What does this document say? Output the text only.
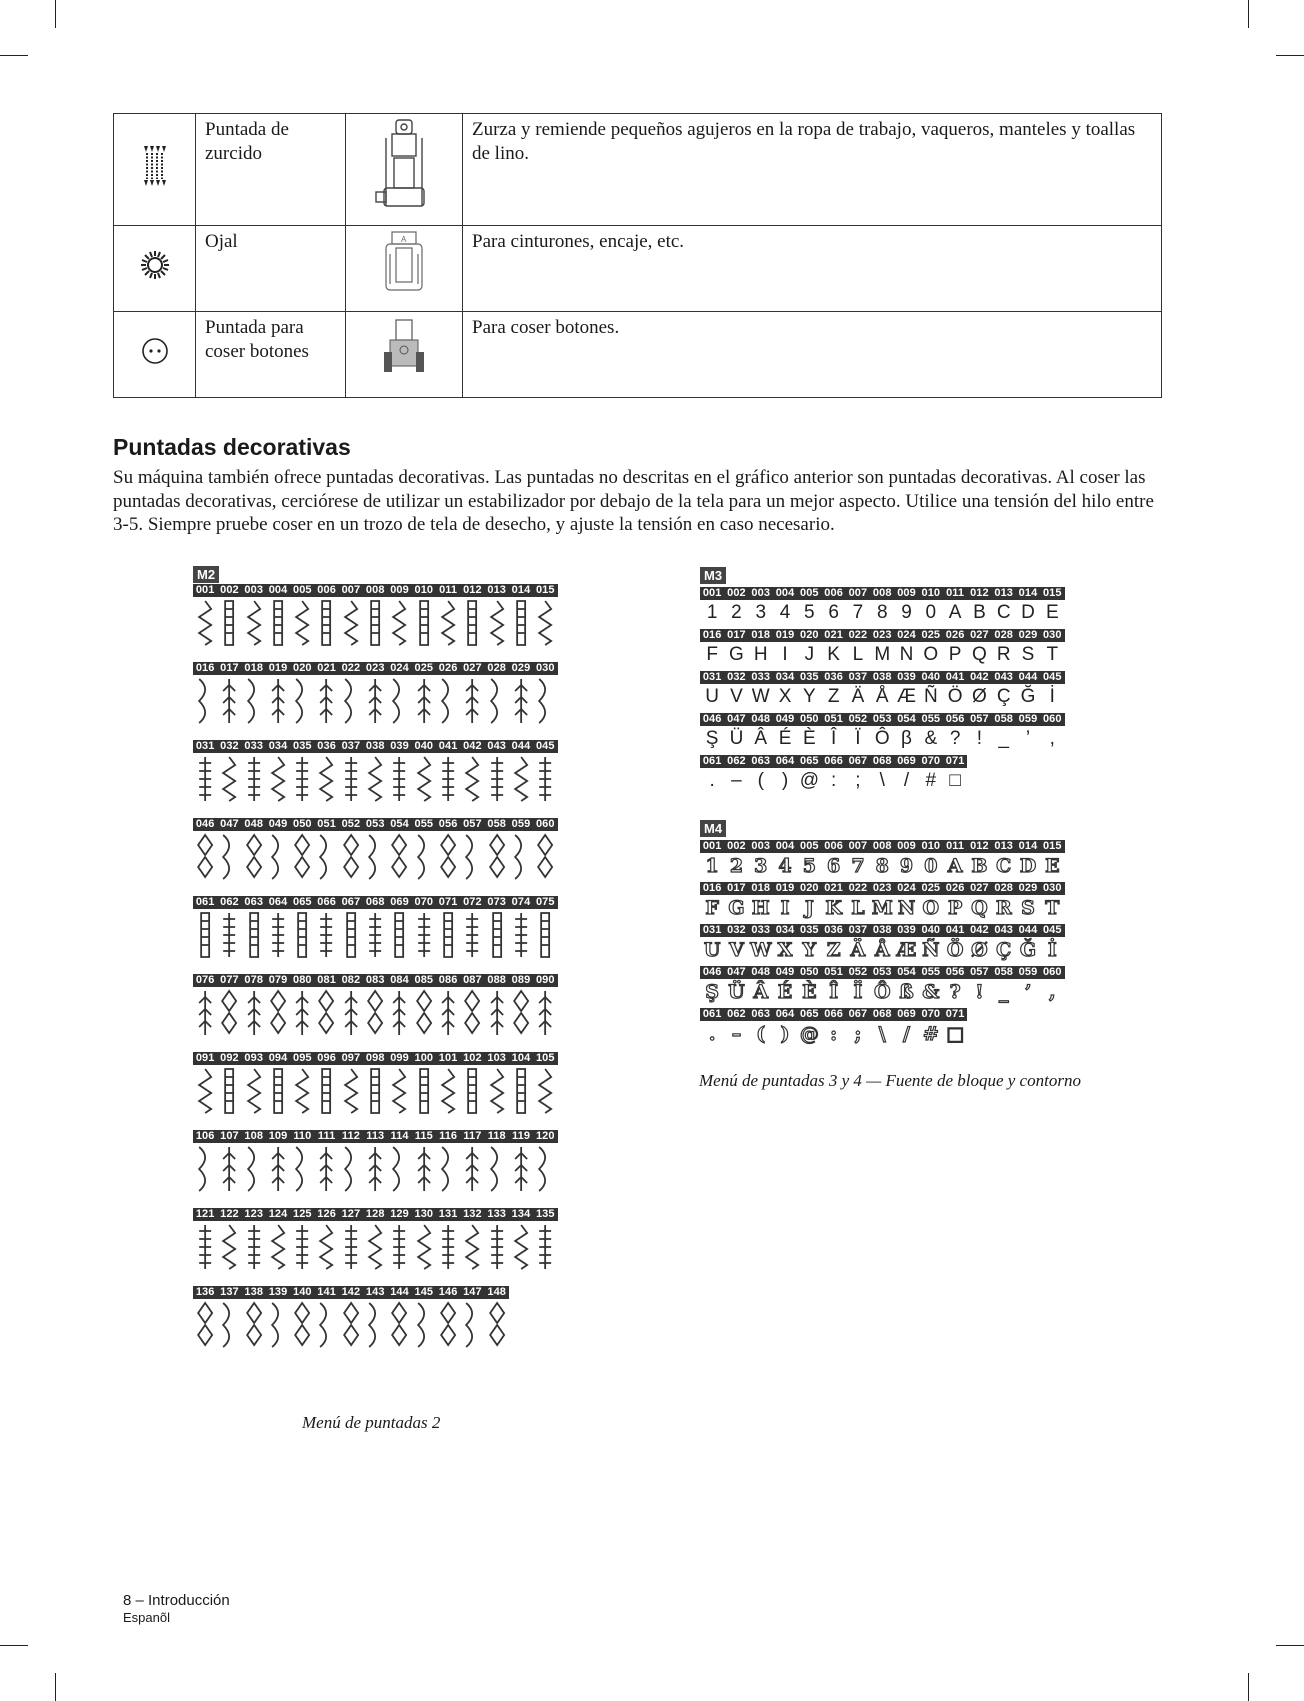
	Puntada de
zurcido		Zurza y remiende pequeños agujeros en la ropa de trabajo, vaqueros, manteles y toallas de lino.
	Ojal	A	Para cinturones, encaje, etc.
	Puntada para
coser botones		Para coser botones.
Puntadas decorativas

Su máquina también ofrece puntadas decorativas. Las puntadas no descritas en el gráfico anterior son puntadas decorativas. Al coser las puntadas decorativas, cerciórese de utilizar un estabilizador por debajo de la tela para un mejor aspecto. Utilice una tensión del hilo entre 3-5. Siempre pruebe coser en un trozo de tela de desecho, y ajuste la tensión en caso necesario.

M2
001 002 003 004 005 006 007 008 009 010 011 012 013 014 015
016 017 018 019 020 021 022 023 024 025 026 027 028 029 030
031 032 033 034 035 036 037 038 039 040 041 042 043 044 045
046 047 048 049 050 051 052 053 054 055 056 057 058 059 060
061 062 063 064 065 066 067 068 069 070 071 072 073 074 075
076 077 078 079 080 081 082 083 084 085 086 087 088 089 090
091 092 093 094 095 096 097 098 099 100 101 102 103 104 105
106 107 108 109 110 111 112 113 114 115 116 117 118 119 120
121 122 123 124 125 126 127 128 129 130 131 132 133 134 135
136 137 138 139 140 141 142 143 144 145 146 147 148
Menú de puntadas 2
M3
001 002 003 004 005 006 007 008 009 010 011 012 013 014 015
1 2 3 4 5 6 7 8 9 0 A B C D E
016 017 018 019 020 021 022 023 024 025 026 027 028 029 030
F G H I J K L M N O P Q R S T
031 032 033 034 035 036 037 038 039 040 041 042 043 044 045
U V W X Y Z Ä Å Æ Ñ Ö Ø Ç Ğ İ
046 047 048 049 050 051 052 053 054 055 056 057 058 059 060
Ş Ü Â É È Î	Ï Ô β & ? ! _ ’	,
061 062 063 064 065 066 067 068 069 070 071
. – ( ) @ :	;	\	/ # □
M4
001 002 003 004 005 006 007 008 009 010 011 012 013 014 015
1 2 3 4 5 6 7 8 9 0 A B C D E
016 017 018 019 020 021 022 023 024 025 026 027 028 029 030
F G H I J K L M N O P Q R S T
031 032 033 034 035 036 037 038 039 040 041 042 043 044 045
U V W X Y Z Ä Å Æ Ñ Ö Ø Ç Ğ İ
046 047 048 049 050 051 052 053 054 055 056 057 058 059 060
Ş Ü Â É È Î Ï Ô ß & ? ! _ ’ ,
061 062 063 064 065 066 067 068 069 070 071
. – ( ) @ : ; \ / # □
Menú de puntadas 3 y 4 — Fuente de bloque y contorno
8 – Introducción
Espanõl
